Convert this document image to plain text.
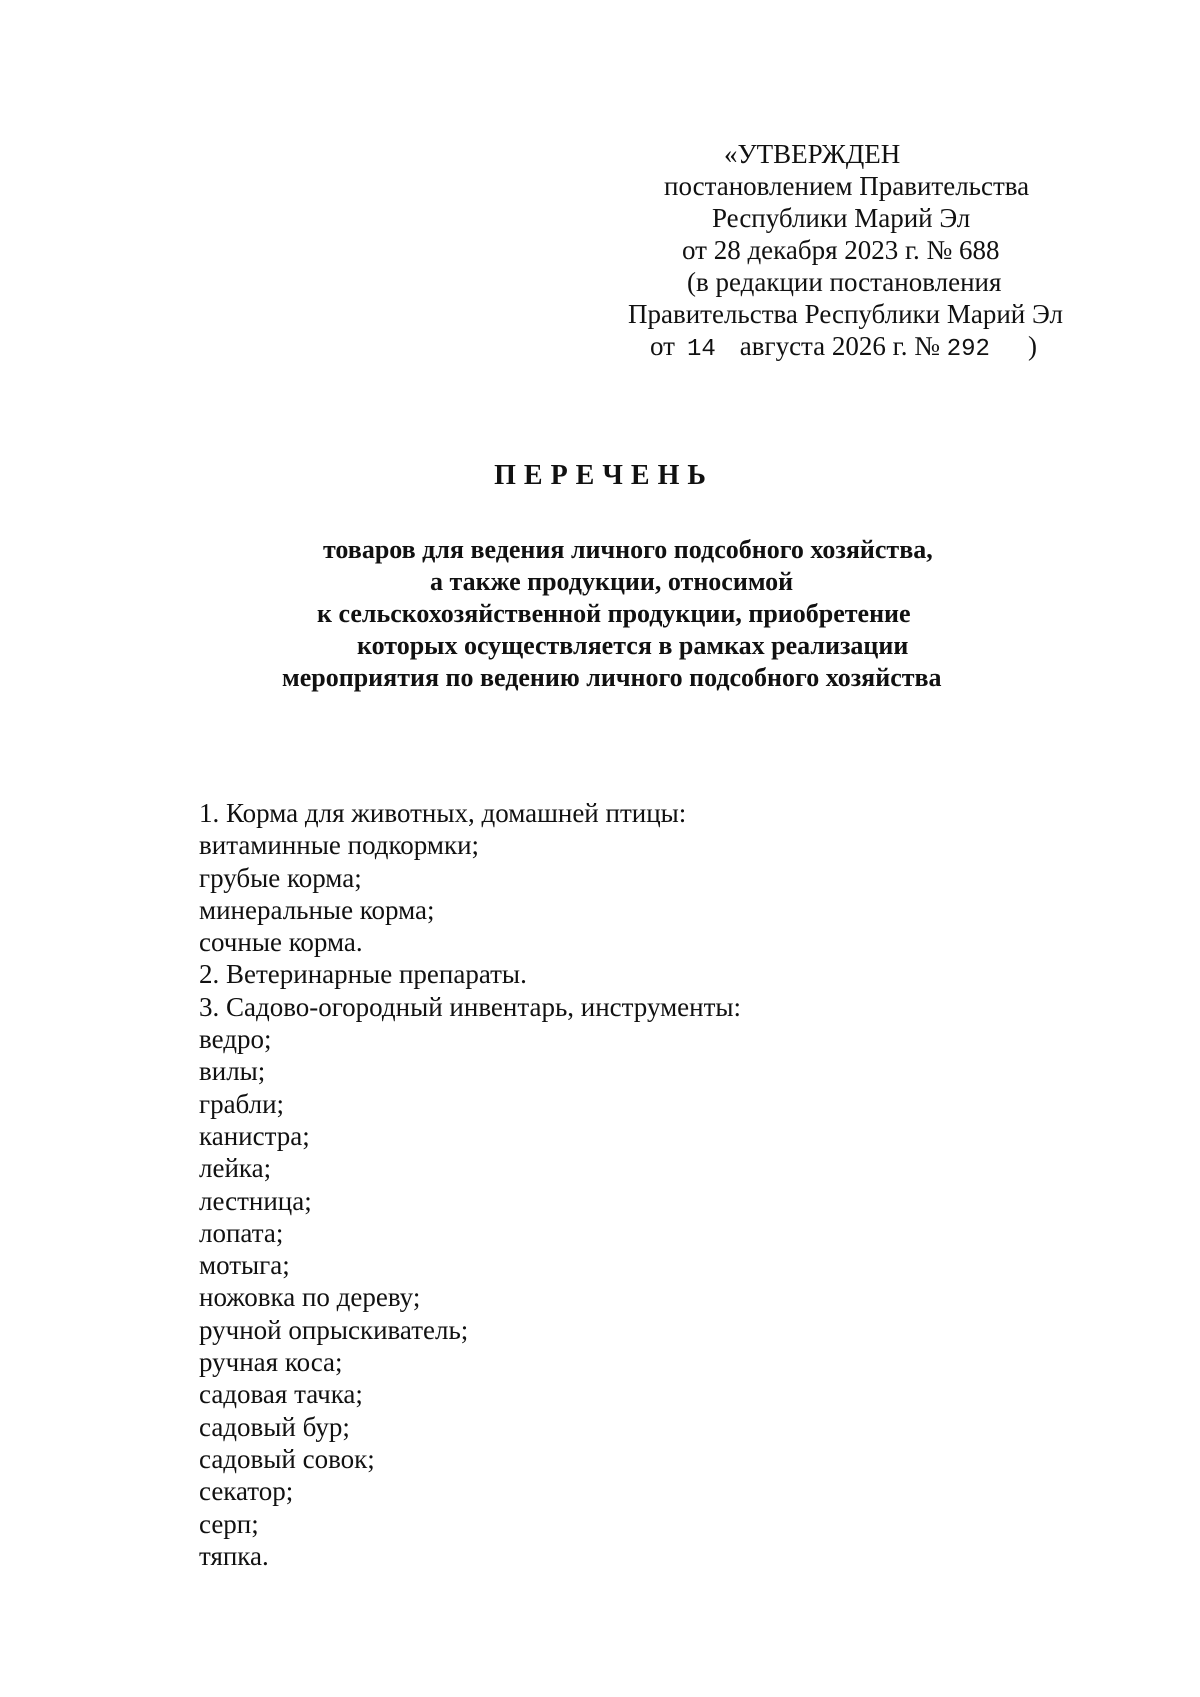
«УТВЕРЖДЕН
постановлением Правительства
Республики Марий Эл
от 28 декабря 2023 г. № 688
(в редакции постановления
Правительства Республики Марий Эл
от 14 августа 2026 г. № 292 )
ПЕРЕЧЕНЬ
товаров для ведения личного подсобного хозяйства,
а также продукции, относимой
к сельскохозяйственной продукции, приобретение
которых осуществляется в рамках реализации
мероприятия по ведению личного подсобного хозяйства
1. Корма для животных, домашней птицы:
витаминные подкормки;
грубые корма;
минеральные корма;
сочные корма.
2. Ветеринарные препараты.
3. Садово-огородный инвентарь, инструменты:
ведро;
вилы;
грабли;
канистра;
лейка;
лестница;
лопата;
мотыга;
ножовка по дереву;
ручной опрыскиватель;
ручная коса;
садовая тачка;
садовый бур;
садовый совок;
секатор;
серп;
тяпка.
